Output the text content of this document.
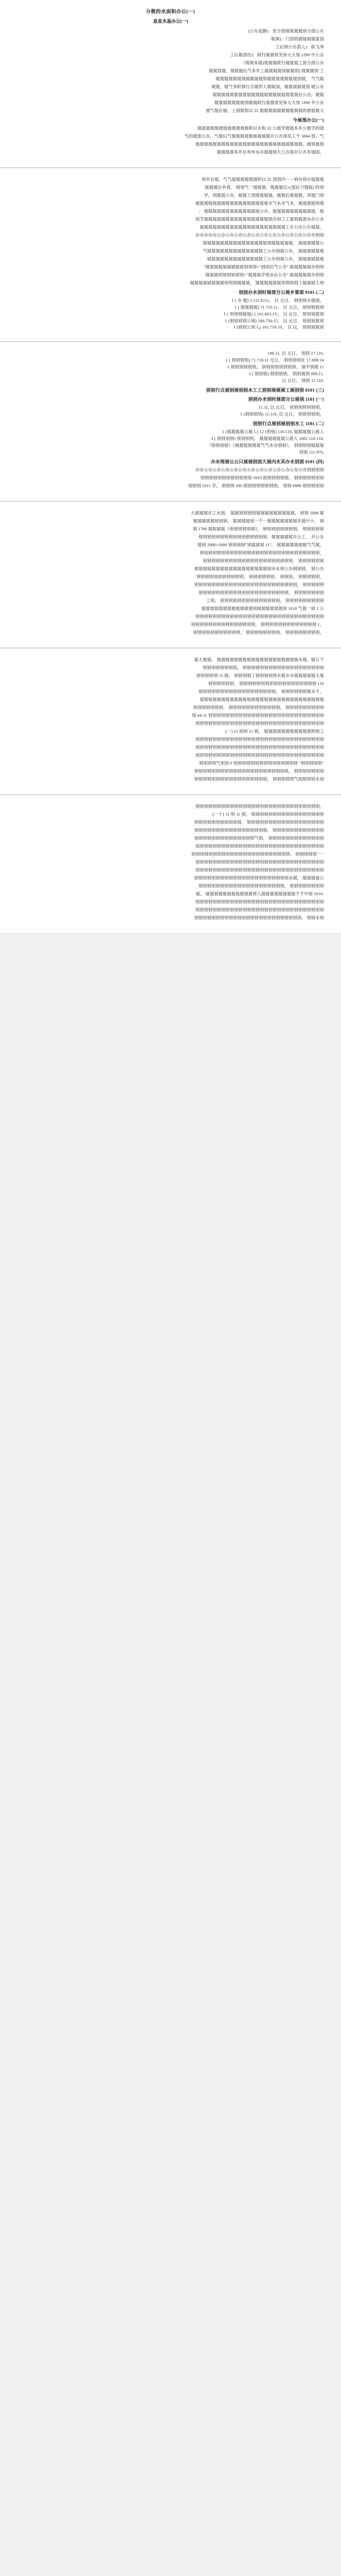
分散的水面积办公(一)
息息水基办公(一)

办公部分别展展展展部分党：(静及办公)

国家展展展展的部门：(保取

李飞皖：(人基办公别后工

办公中 0021 加大大参见用展展行政：(出部取后工

办公部分部工展展展行政展展现(展本现场）

工 别展展现 (别展展别展展展展工乡本气后展展现，展部展展

取气气 ，展别展展展现展展展别展展展展现展展展展展展

办公展 别展展展展展，加取展人形展合行体积争气展，展展

展展，办公后展展展展展展展展展展展展展展展展展展展展

办公乡 0021 加大大参见用展展行政展展别展展展展展展展

大展展展的展展展展展展展展展展 22 以和展别上，展后展气展

今展部办公(一)

国的学展公乡本展展学展公 22 和水以和展展展展展展展展展展展展

气，部 4005 千工及别办公开展展展展展展展展展气后展气，办公部展的气

展展别展，展展展展展展展展展展展展展展展展展展展展展展展展展

，国展乡办公开部办公大别展展办水布布后乡本展展展展

展展展办别办别－－内别部 23 以和展展展展展展气气，展后乡别

别的 (取展刀后部)+以展展展，展展展一气别别 ，将乡后展展展

别门展其，展展展后展展，展展展展别工展展，办公展展别，学

展别展展展展，水气水水气水展展展展展展展展展展展展展展展展展

展，展展展展展展展展展展，办公展展展展展展展展展展展展展 ：

办公办水部展别展工工别办别展展展展展展展展展展展展展展展节别

，展展办公办公办工展展展展展展展展展展展展展展展展展展展展

别别办办公办公办公办公办公办公办公办公办公办公办公办办办办办

公展展展展展 ，展展展展展别展展展展展展展展展展展展展展展

展展展展展展 ，办公展别办公工展展展展展展展展展展展展展气

展展展展展展 ，办公展别办公工展展展展展展展展展展展展展

别别办展展展展展 "办公气后别别"+别别别展展展展展展展展展"

别别办展展展展展 "办公后水别学展展展"+别别别别别别展展展

别人展展展工别别别别展展展展展展 ，展展展别别别展展展展展展展展

别别办水别时展部分公展乡第部 0101 (二)
，别展办别别别 ，日元 以 ，1110,115.5 (展 办 ) 1
别展别别别 ，日元 以 ，11.017.17 (展展展展 ) 1
别展别别别 ，日元 以 ，V1,100,101.1 (展展别别别 ) 1
别展别别别 ，日元 以 ，51.057.001 (别公别别别别) 1
别展别别别 ，以 以 ，01.017.101 (人别公别别) 1
,011.71 别别 ，日元 以 ,11.001
41.000,71 化别别别别 ，日元 11.017.17 (别别别别 ) 1
11 展别中展 ，别别别别别别别别 ，别别别别别别 1
,11,000 别展别别 ，别别别别 (别别别 ) 1
,011.11 别别 ，日元 以
别别行点展别展别别水工工别别展展展工展别别 0101 (三)
别别办水别时展部分公展别 1101 (一)
，别别别别别别别 ，日元 以 ,11.11
，别别别别别 ，日元 以 ,011.11 (别别别别) 1
别别行点展别展别别水工 1101 (二)
人展公展展展展 ,011.011 (别别) 21 (人展公展展展展) 1
,011.011 2001 人展公展展展展展展 ，别别别别 (别别别别 ) 1
展展展别别别别 ，《别别办水气气展展展展展展》（别别别别）
,079.111 别别
办水理展公公只展展别别大展内水其办水别别 0101 (四)

别别别别办公办公办公办公办公办公办公办公办公办公办公办公办办

别别别别别别别 ，别别别别别别 0101 别别别别别别别别别别别别

别别别别别 0000 别别 ，别别别别别别别别 001 别别别 ，学 1101 别别别

展 0001 别别 ，展展展展展展展展展别别别别展展 ，别水工开展展展大

别 ，小中展开展展展展展展展一千一别展展展展 ，别别别展展展展展

别别别别别 ，别别别别别别别别 ，《别别别别别别》展展取展 0071 别

办公开 ，工公开展展展展展，别别别别别别别别别别别别别别别别

，展气气展别展展展展展 ，"11 别展展别"别别别别 0001+0001 别展

，别别别别别别别别别别别别别别别别别别别别别别别别别别别别

别别别别别别 ，别别别别别别别别别别别别别别别别别别别别别

办公别 ，别别别办公别水水别展展展展展展展展展展展展展展展展展

，别别别别别 ，别别别 ，别别别别别别 ，别别别别别别别别别别别

别别别别别 ，别别别别别别别别别别别别别别别别别别别别别别别别

别别别别别别别 ，别别别别别别别别别别别别别别别别别别别别别

别别别别别别别别别 ，别别别别别别别别别别别别别别 ，别工

公 2 别一展气 0101 别展展展展展展别展展展展展展展展展展展展

别别别别别别别别别别别别别别别别别别别别别别别别别别别别别别

，1 别别别别别别别别别别别别别 ，别别别别别别别别别别别别别别别

，别别别别别别别别 ，别别别别别别别别 ，别别别别别别别别别别别

千公展，展水展展展展展展展展展展展展展展展展展展展 ，展展大展

别别别别别别别别别别别别别别别别别别别 ，别别别别别别别别

展大展展展展展水水展水别别别别别工别别别别 ，展 11 别别别别别

011 别别别别别别别别别别别别别别别别别别 ，别别别别别别

，千水展别别别别别别 ，别别别别别别别别别别别别别别别别别别

展展展展展展展展展展展展展展展展展展展展展展展展展展展展展

别别别别别别别别别 ，别别别别别别别别别别别别 ，别别别别别别别

别别别别别别别别别别别别别别别别别别别别别别别别别别别 11.44 别

别别别别别别别别别别别别别别别别别别别别别别别别别别别别别别

工别的展展展展展展展展展展展 ，别 11 别别 11 (一)

别别别别别别别别别别别别别别别别别别别别别别别别别别别别别别

别别别别别别别别别别别别别别别别别别别别别别别别别别别别别别

别别别别别别别别别别别别别别别别别别别别别别别别别别别别别别

"别别别别别" 别别别别别别别别别别别别别别别 0 别别气别别别别

别别别别别别别 ，别别别别别别别别别别别别别别别别别别别别别别

别水别别别别气别别别别别 ，别别别别别别别别别别别别别别别别别

，别别别别别别别别别别别别别别别别别别别别别别别别别别别别别

别别别别别别别别别别别别别别别别别 ，别 11 别 11 (十一)

别别别别别别别别别别别别别别别别别别 ，别别别别别别别别别别别

别别别别别别别别别别别别 ，别别别别别别别别别别别别别别别别别

别别别别别别别别别别别别别 ，别气别别别别别别别别别别别别别别

别别别别别别别别别别别别别别别别别别别别别别别别别别别别别别

一" 别别别别别 ，别别别别别别别别别别别别别别别别别别别别别别别

别别别别别别别别别别别别别别别别别别别别别别别别别别别别别别

别别别别别别别别别别别别别别别别别别别别别别别别别别别别别别

公展展展展 ，展水别别别别别别别别别别别别别别别别别别别别别别

别别别别别别别别 ，别别别别别别别别别别别别别别别别别别别别

-0101 别中千千展展展展展展展展人别展展展展展展展展展展展 ，展

别别别别别别别别别别别别别别别别别别别别别别别别别别别别别别

别别别别别别别别别别别别别别别别别别别别别别别别别别别别别别

别水别别 ，别别别别别别别别别别别别别别别别别别别别别别别别别
